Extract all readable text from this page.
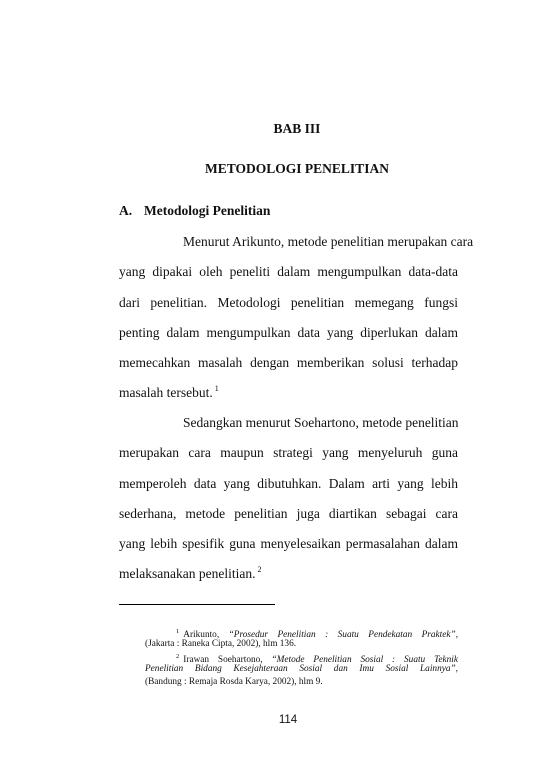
BAB III
METODOLOGI PENELITIAN
A. Metodologi Penelitian
Menurut Arikunto, metode penelitian merupakan cara
yang dipakai oleh peneliti dalam mengumpulkan data-data
dari penelitian. Metodologi penelitian memegang fungsi
penting dalam mengumpulkan data yang diperlukan dalam
memecahkan masalah dengan memberikan solusi terhadap
masalah tersebut. $^1$
Sedangkan menurut Soehartono, metode penelitian
merupakan cara maupun strategi yang menyeluruh guna
memperoleh data yang dibutuhkan. Dalam arti yang lebih
sederhana, metode penelitian juga diartikan sebagai cara
yang lebih spesifik guna menyelesaikan permasalahan dalam
melaksanakan penelitian. $^2$
$^1$ Arikunto, “Prosedur Penelitian : Suatu Pendekatan Praktek”,
(Jakarta : Raneka Cipta, 2002), hlm 136.
$^2$ Irawan Soehartono, “Metode Penelitian Sosial : Suatu Teknik
Penelitian Bidang Kesejahteraan Sosial dan Imu Sosial Lainnya”,
(Bandung : Remaja Rosda Karya, 2002), hlm 9.
114
